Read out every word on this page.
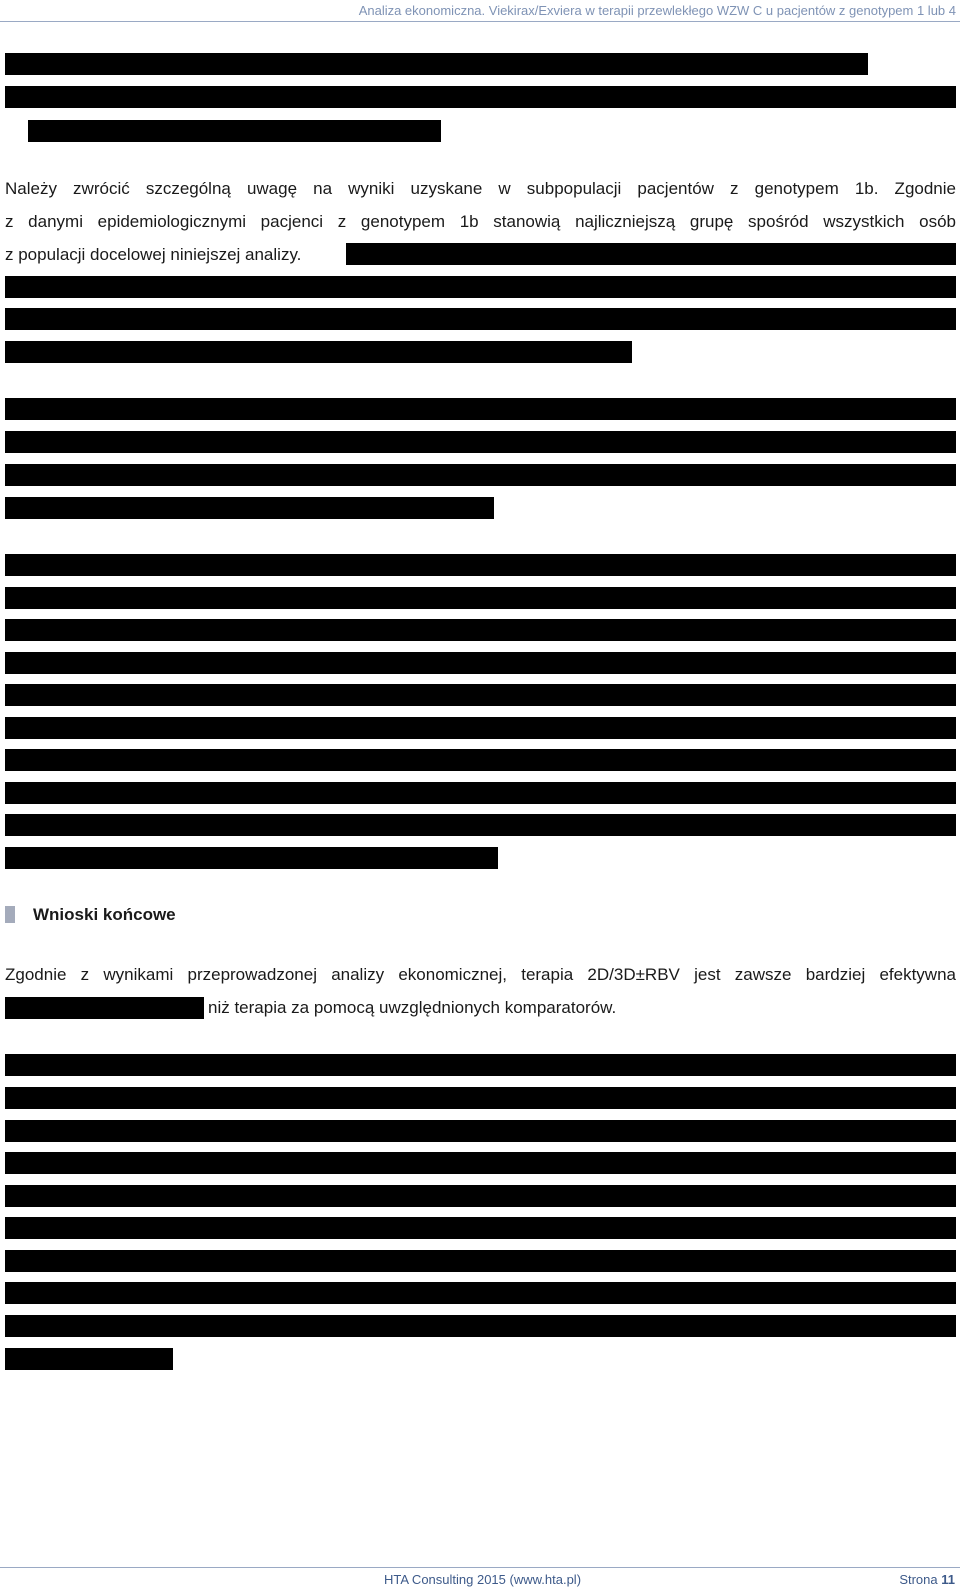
Analiza ekonomiczna. Viekirax/Exviera w terapii przewlekłego WZW C u pacjentów z genotypem 1 lub 4
Należy zwrócić szczególną uwagę na wyniki uzyskane w subpopulacji pacjentów z genotypem 1b. Zgodnie
z danymi epidemiologicznymi pacjenci z genotypem 1b stanowią najliczniejszą grupę spośród wszystkich osób
z populacji docelowej niniejszej analizy.
Wnioski końcowe
Zgodnie z wynikami przeprowadzonej analizy ekonomicznej, terapia 2D/3D±RBV jest zawsze bardziej efektywna
niż terapia za pomocą uwzględnionych komparatorów.
HTA Consulting 2015 (www.hta.pl)	Strona 11
